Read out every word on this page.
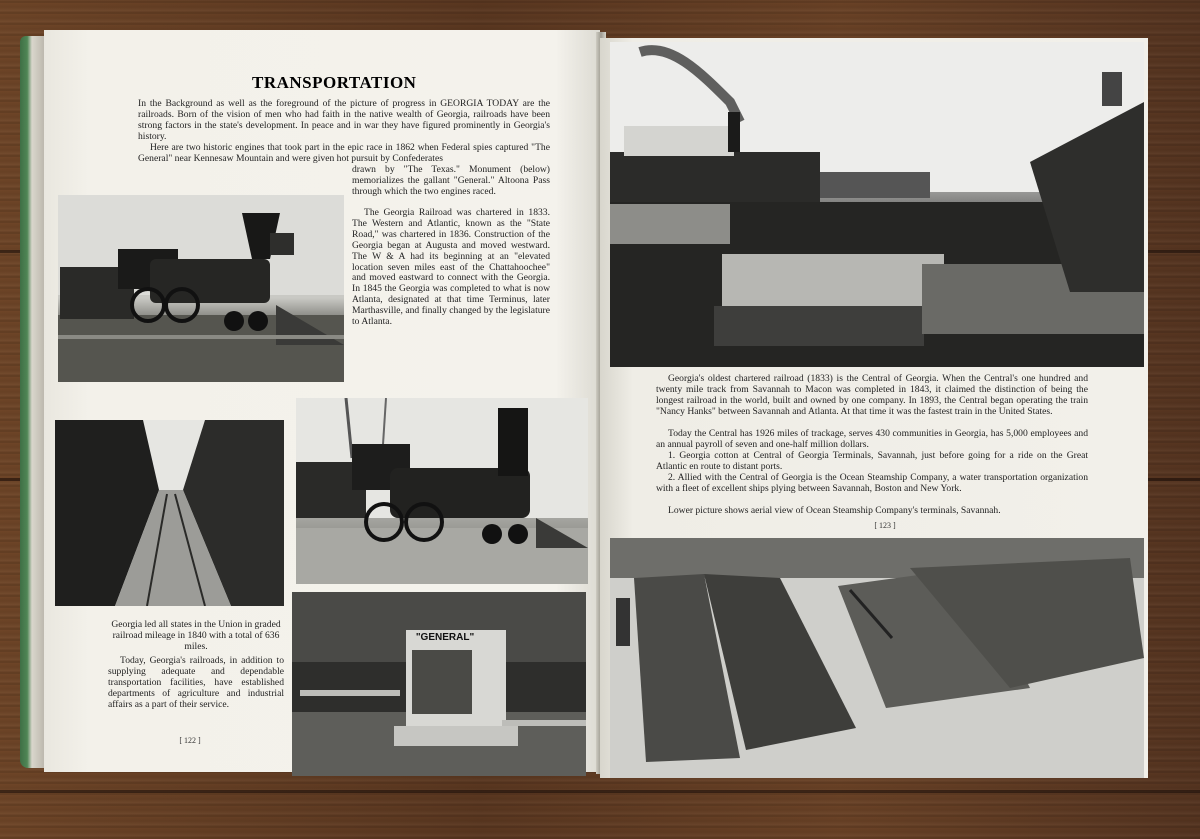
TRANSPORTATION
In the Background as well as the foreground of the picture of progress in GEORGIA TODAY are the railroads. Born of the vision of men who had faith in the native wealth of Georgia, railroads have been strong factors in the state's development. In peace and in war they have figured prominently in Georgia's history.
Here are two historic engines that took part in the epic race in 1862 when Federal spies captured "The General" near Kennesaw Mountain and were given hot pursuit by Confederates
drawn by "The Texas." Monument (below) memorializes the gallant "General." Altoona Pass through which the two engines raced.
The Georgia Railroad was chartered in 1833. The Western and Atlantic, known as the "State Road," was chartered in 1836. Construction of the Georgia began at Augusta and moved westward. The W & A had its beginning at an "elevated location seven miles east of the Chattahoochee" and moved eastward to connect with the Georgia. In 1845 the Georgia was completed to what is now Atlanta, designated at that time Terminus, later Marthasville, and finally changed by the legislature to Atlanta.
Georgia led all states in the Union in graded railroad mileage in 1840 with a total of 636 miles.
Today, Georgia's railroads, in addition to supplying adequate and dependable transportation facilities, have established departments of agriculture and industrial affairs as a part of their service.
[ 122 ]
"GENERAL"
Georgia's oldest chartered railroad (1833) is the Central of Georgia. When the Central's one hundred and twenty mile track from Savannah to Macon was completed in 1843, it claimed the distinction of being the longest railroad in the world, built and owned by one company. In 1893, the Central began operating the train "Nancy Hanks" between Savannah and Atlanta. At that time it was the fastest train in the United States.
Today the Central has 1926 miles of trackage, serves 430 communities in Georgia, has 5,000 employees and an annual payroll of seven and one-half million dollars.
1. Georgia cotton at Central of Georgia Terminals, Savannah, just before going for a ride on the Great Atlantic en route to distant ports.
2. Allied with the Central of Georgia is the Ocean Steamship Company, a water transportation organization with a fleet of excellent ships plying between Savannah, Boston and New York.
Lower picture shows aerial view of Ocean Steamship Company's terminals, Savannah.
[ 123 ]
